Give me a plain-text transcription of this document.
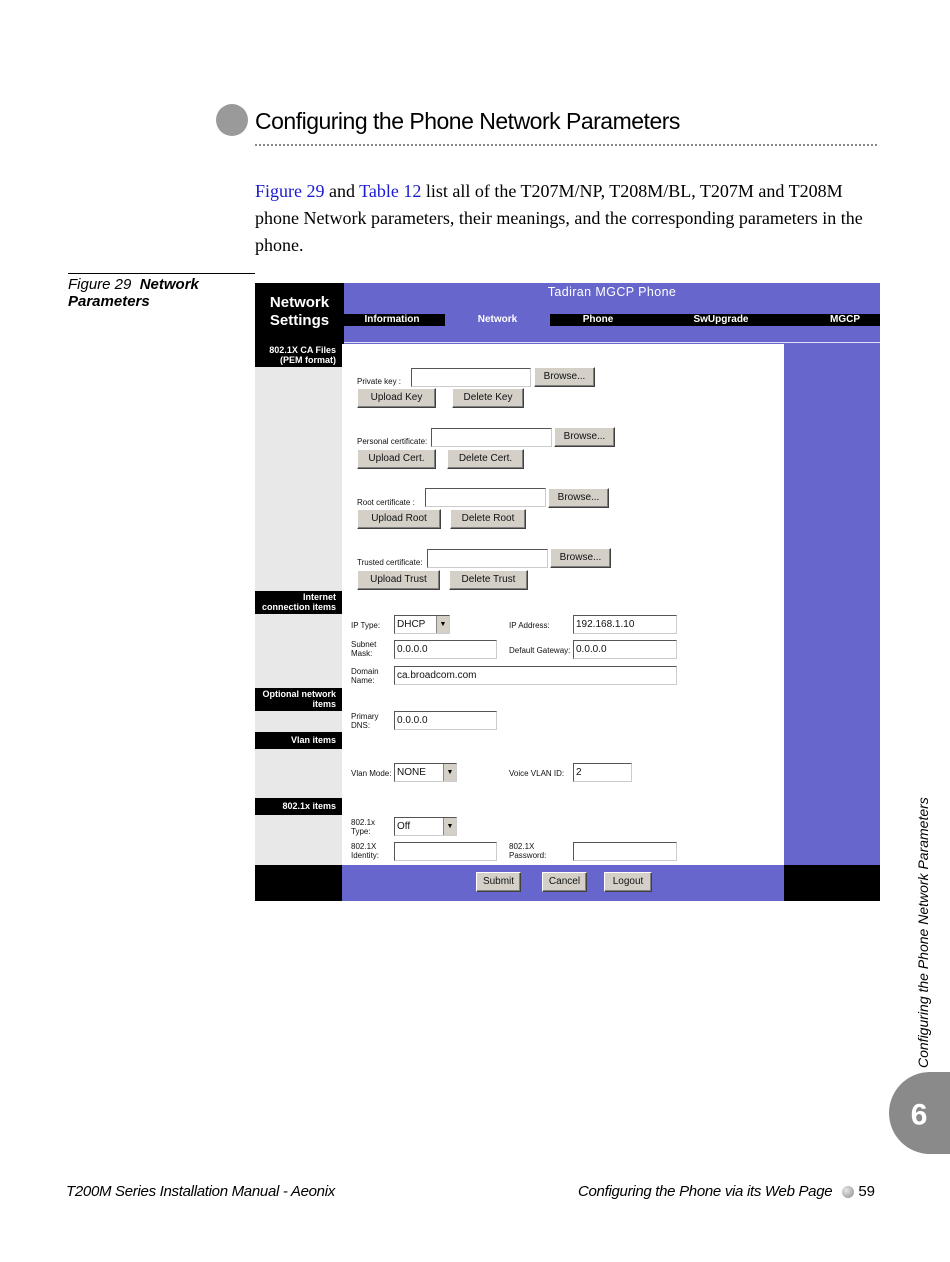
Configuring the Phone Network Parameters

Figure 29 and Table 12 list all of the T207M/NP, T208M/BL, T207M and T208M phone Network parameters, their meanings, and the corresponding parameters in the phone.

Figure 29 Network Parameters	Network
Settings
Tadiran MGCP Phone
Information	Network	Phone	SwUpgrade	MGCP
802.1X CA Files
(PEM format)
Internet
connection items
Optional network
items
Vlan items
802.1x items
Private key :	Browse...
Upload Key	Delete Key
Personal certificate:	Browse...
Upload Cert.	Delete Cert.
Root certificate :	Browse...
Upload Root	Delete Root
Trusted certificate:	Browse...
Upload Trust	Delete Trust
IP Type:	DHCP	▼	IP Address:	192.168.1.10
Subnet
Mask:	0.0.0.0	Default Gateway: 0.0.0.0
Domain
Name:	ca.broadcom.com
Primary
DNS:	0.0.0.0
Vlan Mode: NONE	▼	Voice VLAN ID:	2
802.1x
Type:	Off	▼
802.1X
Identity:
802.1X
Password:
Submit	Cancel	Logout	Configuring the Phone Network Parameters
9
T200M Series Installation Manual - Aeonix	Configuring the Phone via its Web Page 59
